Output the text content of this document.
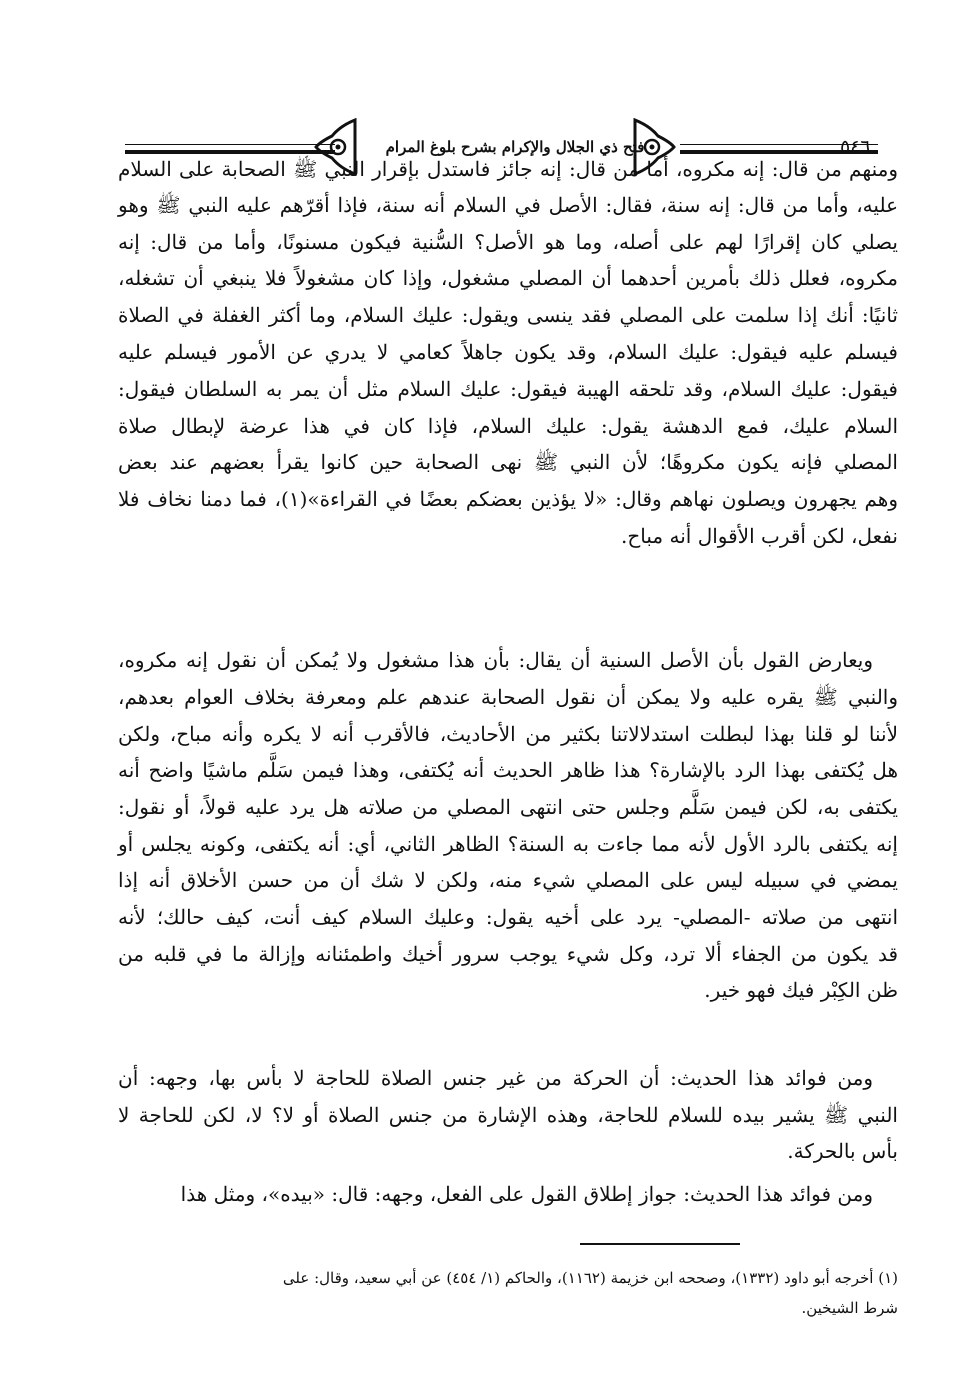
فتح ذي الجلال والإكرام بشرح بلوغ المرام	٥٤٦
ومنهم من قال: إنه مكروه، أما من قال: إنه جائز فاستدل بإقرار النبي ﷺ الصحابة على السلام
عليه، وأما من قال: إنه سنة، فقال: الأصل في السلام أنه سنة، فإذا أقرّهم عليه النبي ﷺ وهو
يصلي كان إقرارًا لهم على أصله، وما هو الأصل؟ السُّنية فيكون مسنونًا، وأما من قال: إنه
مكروه، فعلل ذلك بأمرين أحدهما أن المصلي مشغول، وإذا كان مشغولاً فلا ينبغي أن تشغله،
ثانيًا: أنك إذا سلمت على المصلي فقد ينسى ويقول: عليك السلام، وما أكثر الغفلة في الصلاة
فيسلم عليه فيقول: عليك السلام، وقد يكون جاهلاً كعامي لا يدري عن الأمور فيسلم عليه
فيقول: عليك السلام، وقد تلحقه الهيبة فيقول: عليك السلام مثل أن يمر به السلطان فيقول:
السلام عليك، فمع الدهشة يقول: عليك السلام، فإذا كان في هذا عرضة لإبطال صلاة
المصلي فإنه يكون مكروهًا؛ لأن النبي ﷺ نهى الصحابة حين كانوا يقرأ بعضهم عند بعض
وهم يجهرون ويصلون نهاهم وقال: «لا يؤذين بعضكم بعضًا في القراءة»(١)، فما دمنا نخاف فلا
نفعل، لكن أقرب الأقوال أنه مباح.
ويعارض القول بأن الأصل السنية أن يقال: بأن هذا مشغول ولا يُمكن أن نقول إنه مكروه،
والنبي ﷺ يقره عليه ولا يمكن أن نقول الصحابة عندهم علم ومعرفة بخلاف العوام بعدهم،
لأننا لو قلنا بهذا لبطلت استدلالاتنا بكثير من الأحاديث، فالأقرب أنه لا يكره وأنه مباح، ولكن
هل يُكتفى بهذا الرد بالإشارة؟ هذا ظاهر الحديث أنه يُكتفى، وهذا فيمن سَلَّم ماشيًا واضح أنه
يكتفى به، لكن فيمن سَلَّم وجلس حتى انتهى المصلي من صلاته هل يرد عليه قولاً، أو نقول:
إنه يكتفى بالرد الأول لأنه مما جاءت به السنة؟ الظاهر الثاني، أي: أنه يكتفى، وكونه يجلس أو
يمضي في سبيله ليس على المصلي شيء منه، ولكن لا شك أن من حسن الأخلاق أنه إذا
انتهى من صلاته -المصلي- يرد على أخيه يقول: وعليك السلام كيف أنت، كيف حالك؛ لأنه
قد يكون من الجفاء ألا ترد، وكل شيء يوجب سرور أخيك واطمئنانه وإزالة ما في قلبه من
ظن الكِبْر فيك فهو خير.
ومن فوائد هذا الحديث: أن الحركة من غير جنس الصلاة للحاجة لا بأس بها، وجهه: أن
النبي ﷺ يشير بيده للسلام للحاجة، وهذه الإشارة من جنس الصلاة أو لا؟ لا، لكن للحاجة لا
بأس بالحركة.
ومن فوائد هذا الحديث: جواز إطلاق القول على الفعل، وجهه: قال: «بيده»، ومثل هذا
(١) أخرجه أبو داود (١٣٣٢)، وصححه ابن خزيمة (١١٦٢)، والحاكم (١/ ٤٥٤) عن أبي سعيد، وقال: على
شرط الشيخين.
